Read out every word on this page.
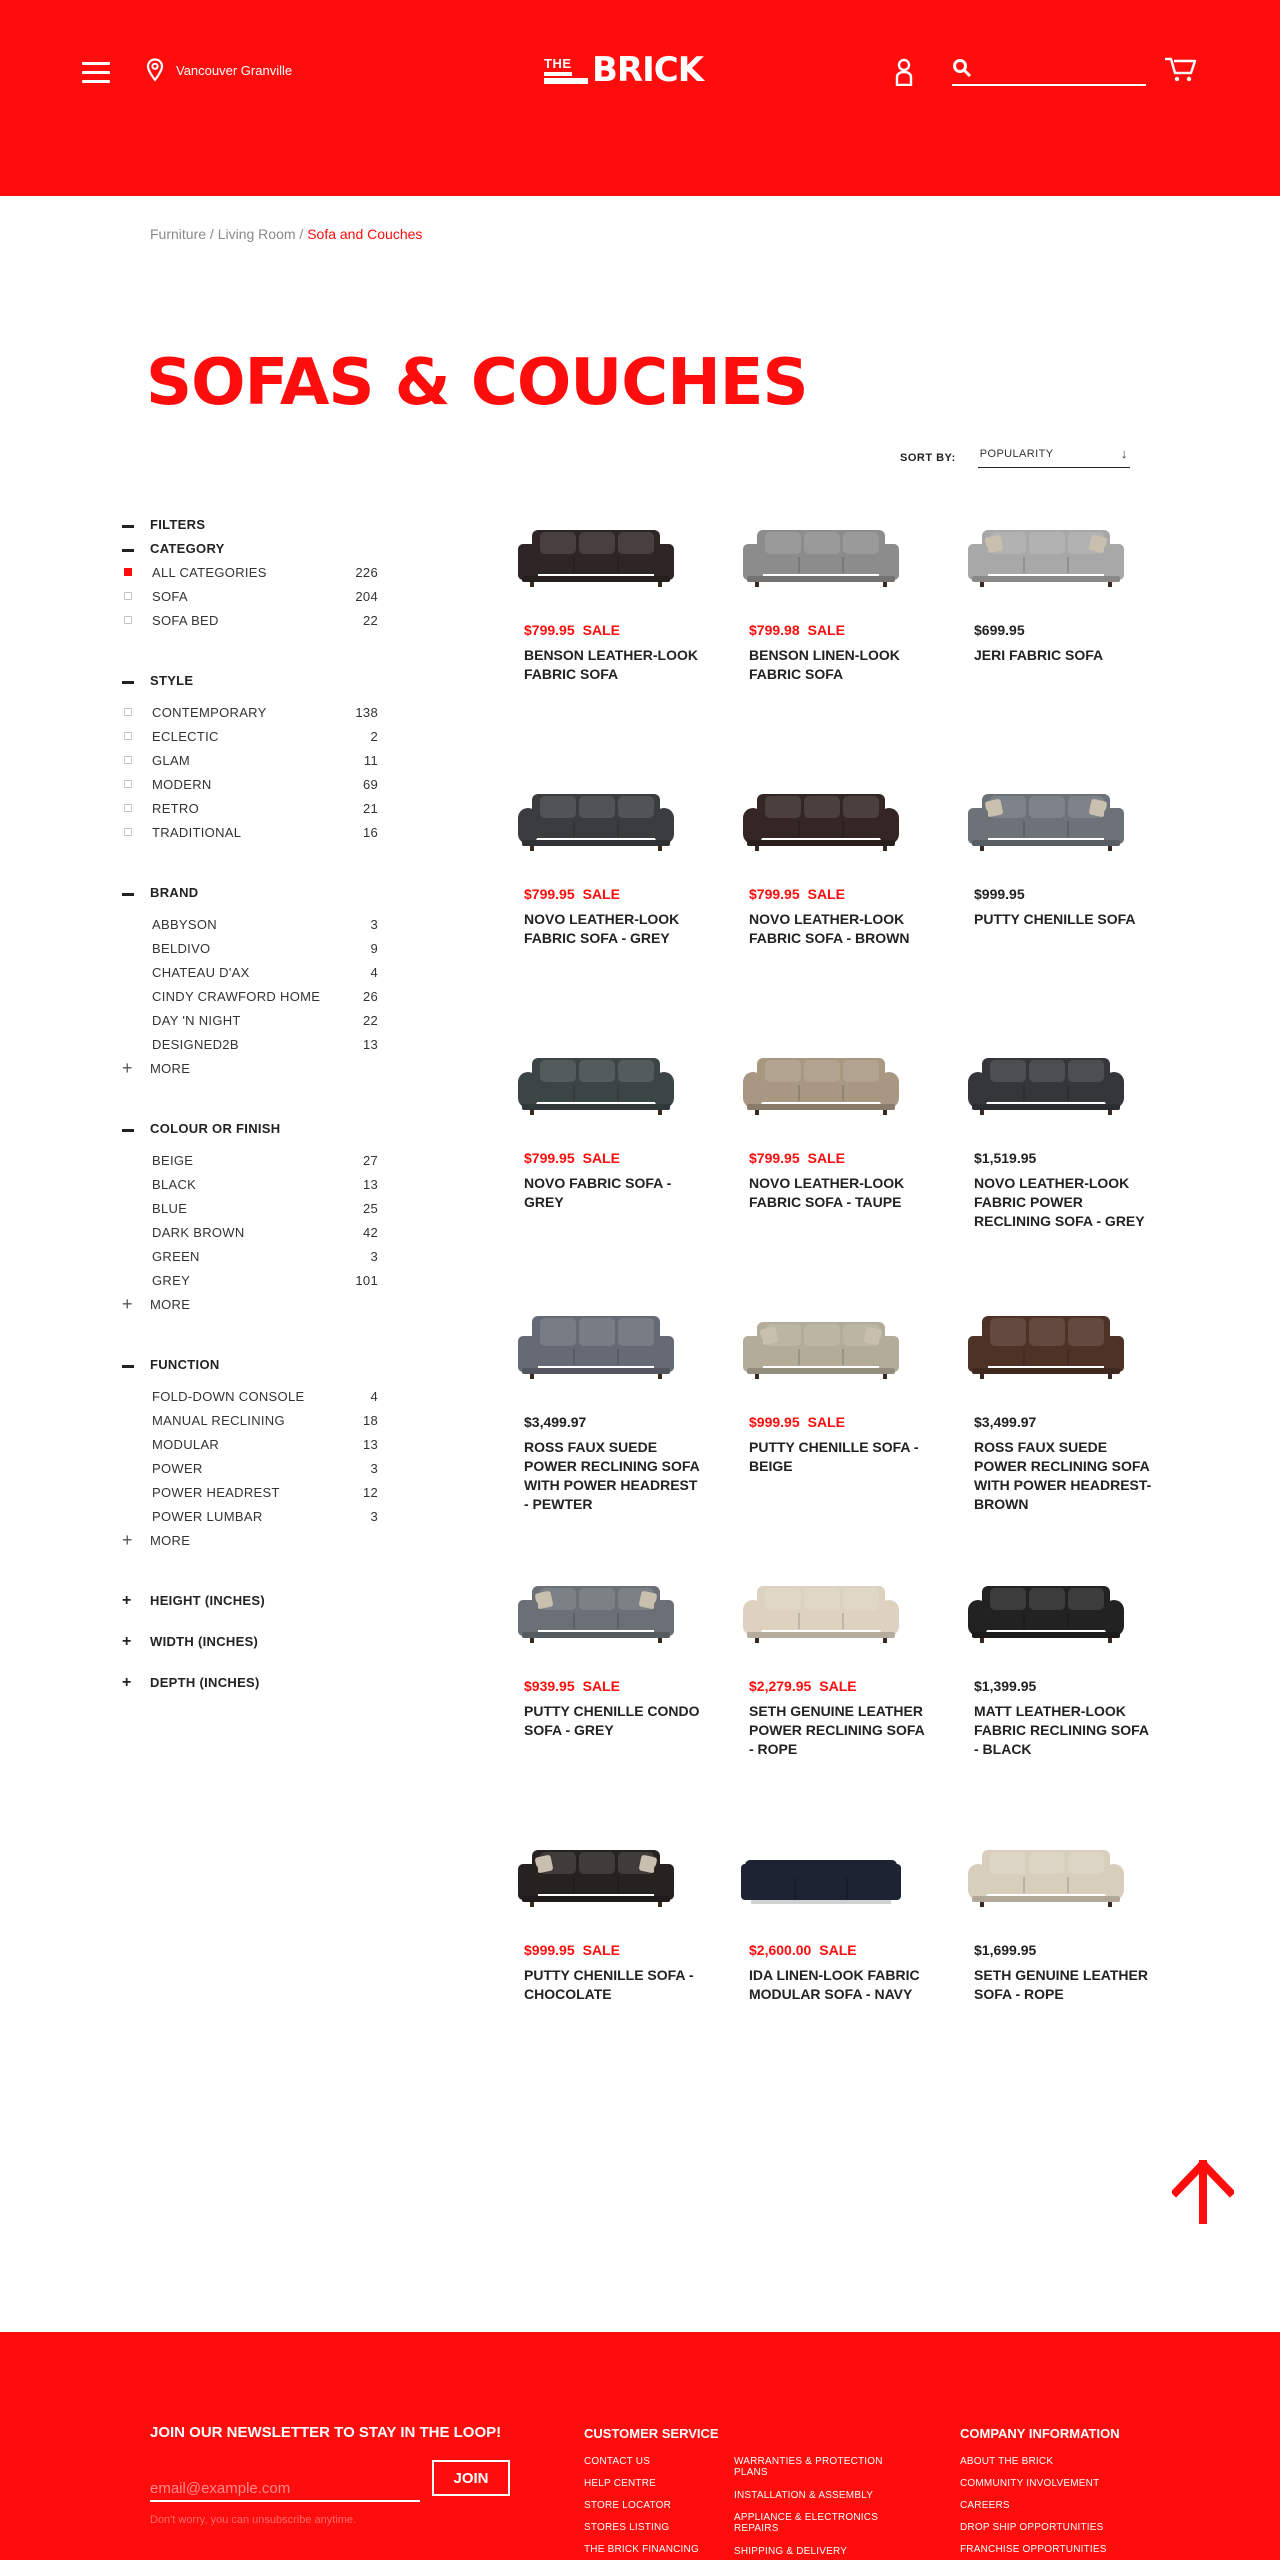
Vancouver Granville	THE BRICK
Furniture / Living Room / Sofa and Couches
SOFAS & COUCHES
SORT BY: POPULARITY	↓
FILTERS
CATEGORY
ALL CATEGORIES	226
SOFA	204
SOFA BED	22
STYLE
CONTEMPORARY	138
ECLECTIC	2
GLAM	11
MODERN	69
RETRO	21
TRADITIONAL	16
BRAND
ABBYSON	3
BELDIVO	9
CHATEAU D'AX	4
CINDY CRAWFORD HOME	26
DAY 'N NIGHT	22
DESIGNED2B	13
+	MORE
COLOUR OR FINISH
BEIGE	27
BLACK	13
BLUE	25
DARK BROWN	42
GREEN	3
GREY	101
+	MORE
FUNCTION
FOLD-DOWN CONSOLE	4
MANUAL RECLINING	18
MODULAR	13
POWER	3
POWER HEADREST	12
POWER LUMBAR	3
+	MORE
+	HEIGHT (INCHES)
+	WIDTH (INCHES)
+	DEPTH (INCHES)
$799.95 SALE
BENSON LEATHER-LOOK FABRIC SOFA
$799.98 SALE
BENSON LINEN-LOOK FABRIC SOFA
$699.95
JERI FABRIC SOFA
$799.95 SALE
NOVO LEATHER-LOOK FABRIC SOFA - GREY
$799.95 SALE
NOVO LEATHER-LOOK FABRIC SOFA - BROWN
$999.95
PUTTY CHENILLE SOFA
$799.95 SALE
NOVO FABRIC SOFA - GREY
$799.95 SALE
NOVO LEATHER-LOOK FABRIC SOFA - TAUPE
$1,519.95
NOVO LEATHER-LOOK FABRIC POWER RECLINING SOFA - GREY
$3,499.97
ROSS FAUX SUEDE POWER RECLINING SOFA WITH POWER HEADREST - PEWTER
$999.95 SALE
PUTTY CHENILLE SOFA - BEIGE
$3,499.97
ROSS FAUX SUEDE POWER RECLINING SOFA WITH POWER HEADREST- BROWN
$939.95 SALE
PUTTY CHENILLE CONDO SOFA - GREY
$2,279.95 SALE
SETH GENUINE LEATHER POWER RECLINING SOFA - ROPE
$1,399.95
MATT LEATHER-LOOK FABRIC RECLINING SOFA - BLACK
$999.95 SALE
PUTTY CHENILLE SOFA - CHOCOLATE
$2,600.00 SALE
IDA LINEN-LOOK FABRIC MODULAR SOFA - NAVY
$1,699.95
SETH GENUINE LEATHER SOFA - ROPE
JOIN OUR NEWSLETTER TO STAY IN THE LOOP!
email@example.com
JOIN
Don't worry, you can unsubscribe anytime.
CUSTOMER SERVICE	COMPANY INFORMATION
CONTACT US
HELP CENTRE
STORE LOCATOR
STORES LISTING
THE BRICK FINANCING
WARRANTIES & PROTECTION PLANS
INSTALLATION & ASSEMBLY
APPLIANCE & ELECTRONICS REPAIRS
SHIPPING & DELIVERY
ABOUT THE BRICK
COMMUNITY INVOLVEMENT
CAREERS
DROP SHIP OPPORTUNITIES
FRANCHISE OPPORTUNITIES
